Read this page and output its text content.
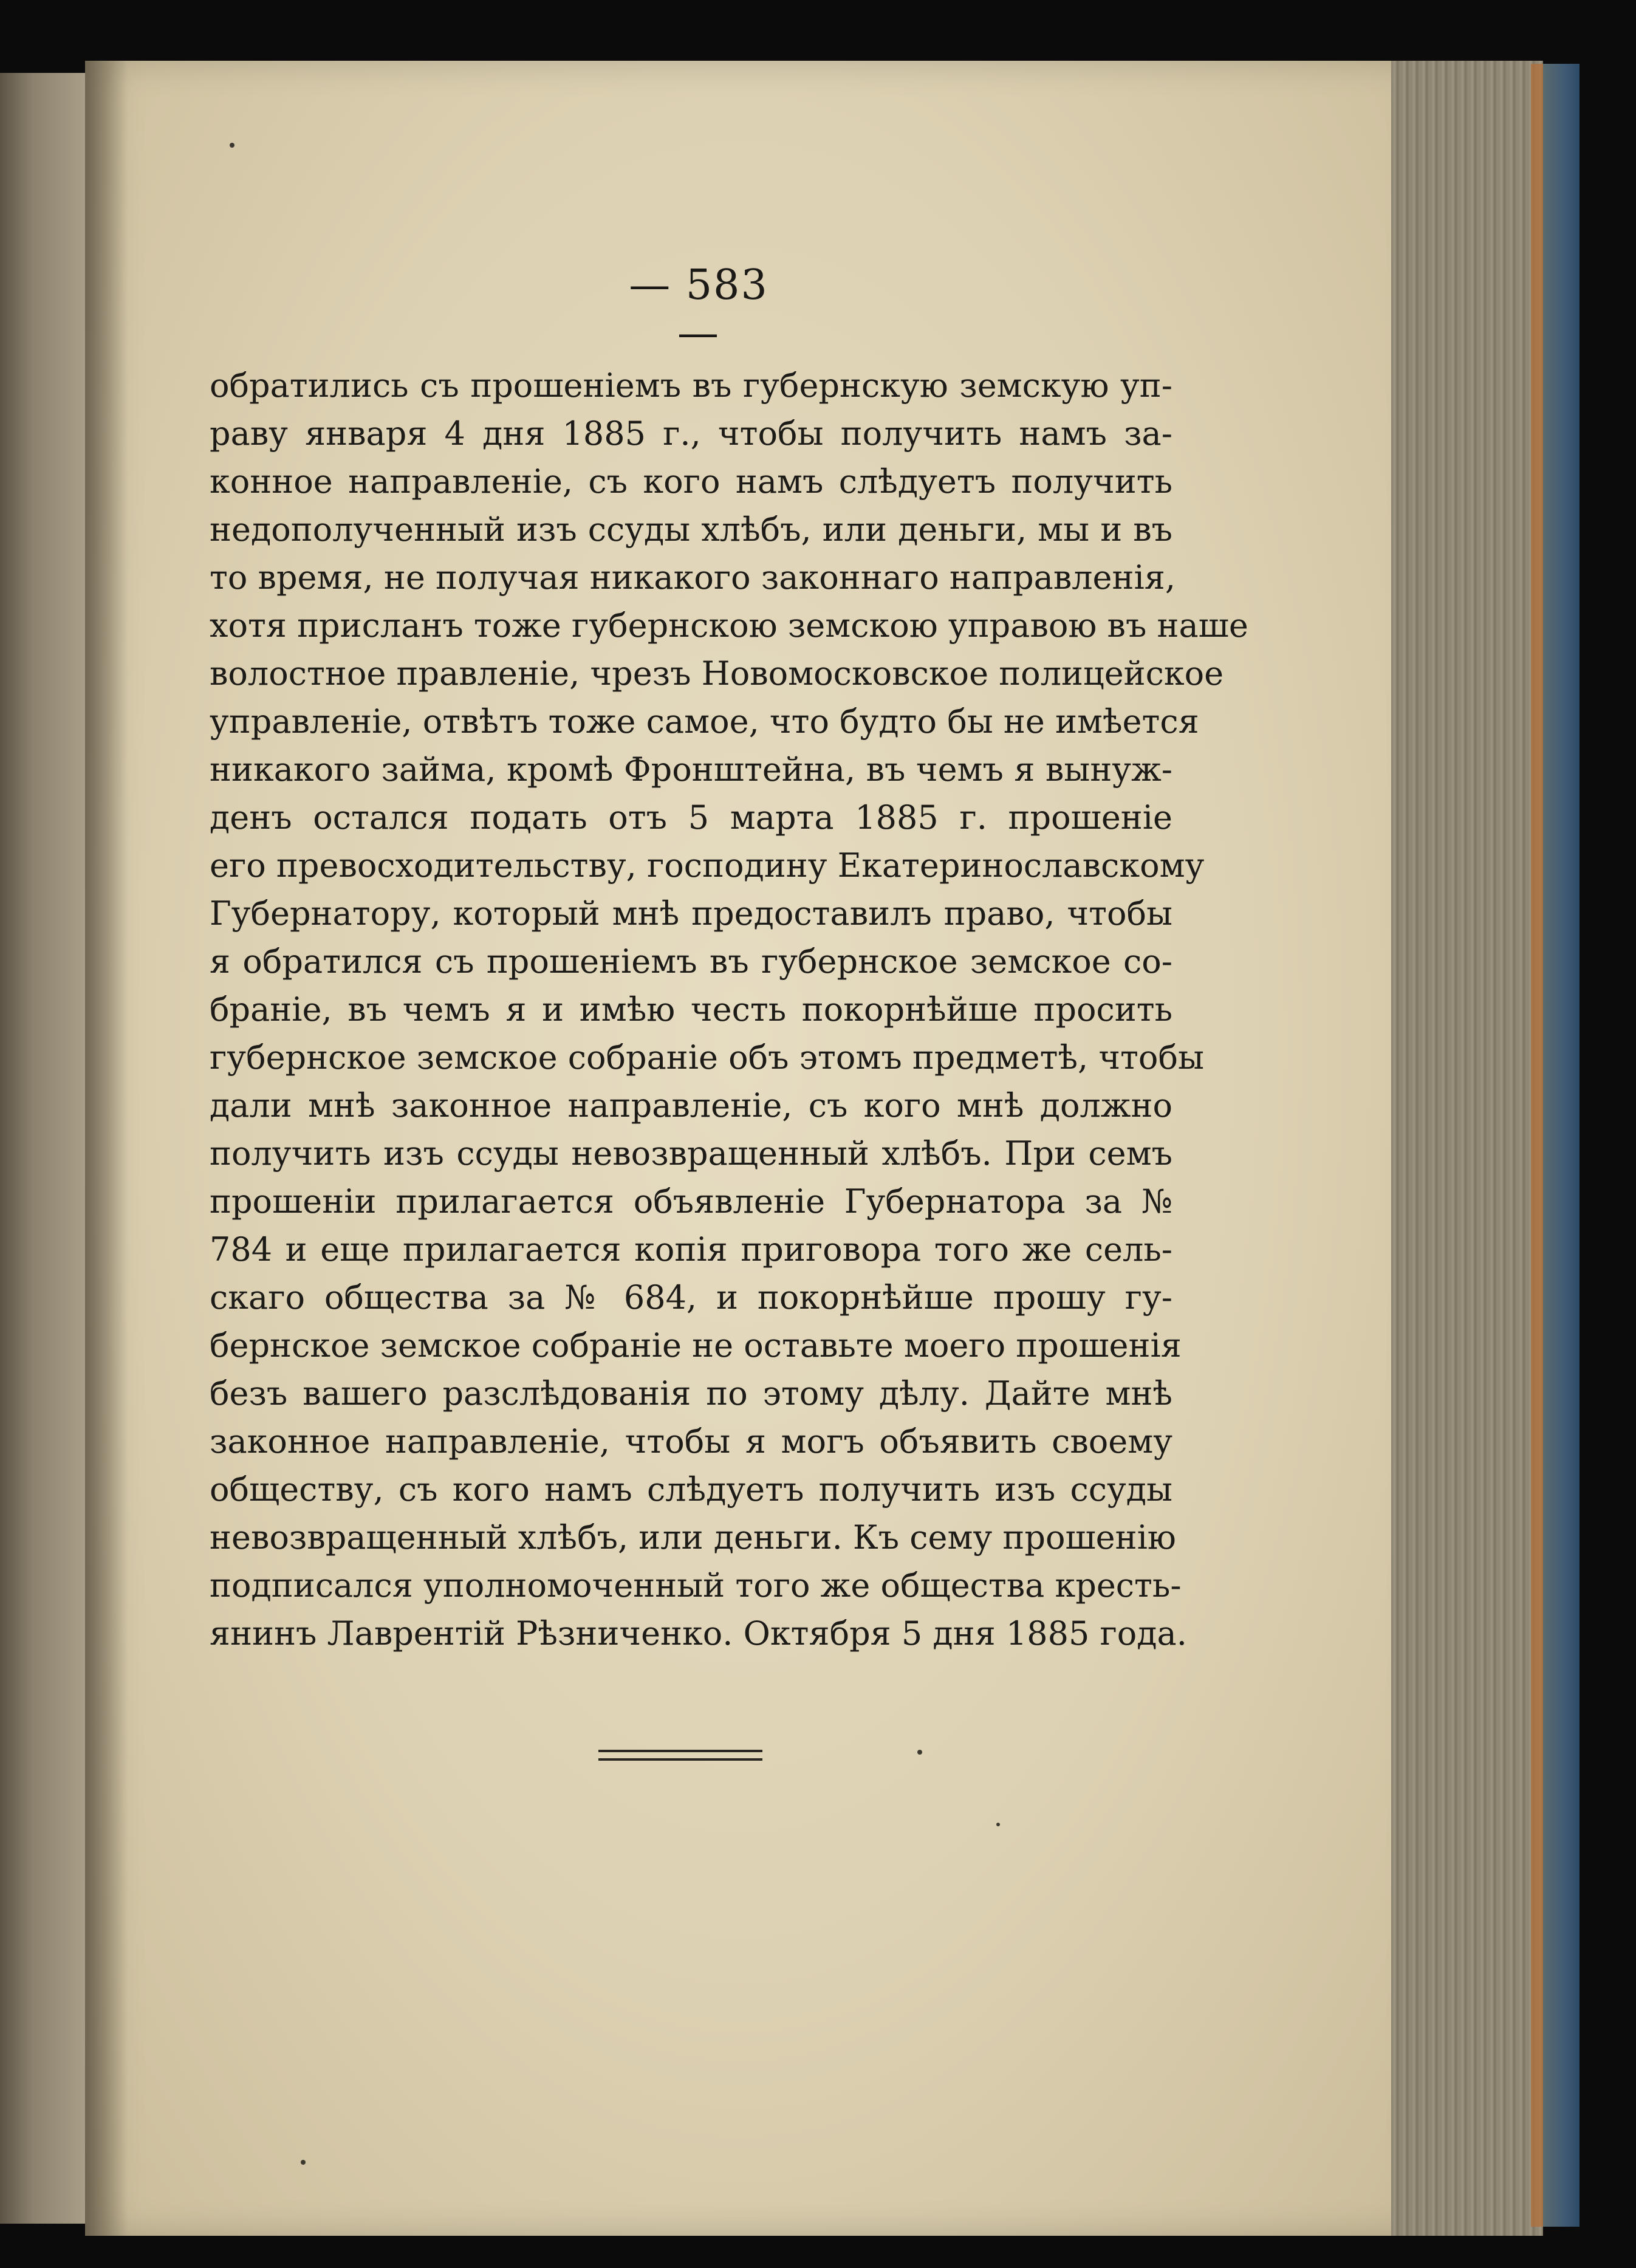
— 583 —
обратились съ прошеніемъ въ губернскую земскую уп-
раву января 4 дня 1885 г., чтобы получить намъ за-
конное направленіе, съ кого намъ слѣдуетъ получить
недополученный изъ ссуды хлѣбъ, или деньги, мы и въ
то время, не получая никакого законнаго направленія,
хотя присланъ тоже губернскою земскою управою въ наше
волостное правленіе, чрезъ Новомосковское полицейское
управленіе, отвѣтъ тоже самое, что будто бы не имѣется
никакого займа, кромѣ Фронштейна, въ чемъ я вынуж-
денъ остался подать отъ 5 марта 1885 г. прошеніе
его превосходительству, господину Екатеринославскому
Губернатору, который мнѣ предоставилъ право, чтобы
я обратился съ прошеніемъ въ губернское земское со-
браніе, въ чемъ я и имѣю честь покорнѣйше просить
губернское земское собраніе объ этомъ предметѣ, чтобы
дали мнѣ законное направленіе, съ кого мнѣ должно
получить изъ ссуды невозвращенный хлѣбъ. При семъ
прошеніи прилагается объявленіе Губернатора за №
784 и еще прилагается копія приговора того же сель-
скаго общества за № 684, и покорнѣйше прошу гу-
бернское земское собраніе не оставьте моего прошенія
безъ вашего разслѣдованія по этому дѣлу. Дайте мнѣ
законное направленіе, чтобы я могъ объявить своему
обществу, съ кого намъ слѣдуетъ получить изъ ссуды
невозвращенный хлѣбъ, или деньги. Къ сему прошенію
подписался уполномоченный того же общества кресть-
янинъ Лаврентій Рѣзниченко. Октября 5 дня 1885 года.
